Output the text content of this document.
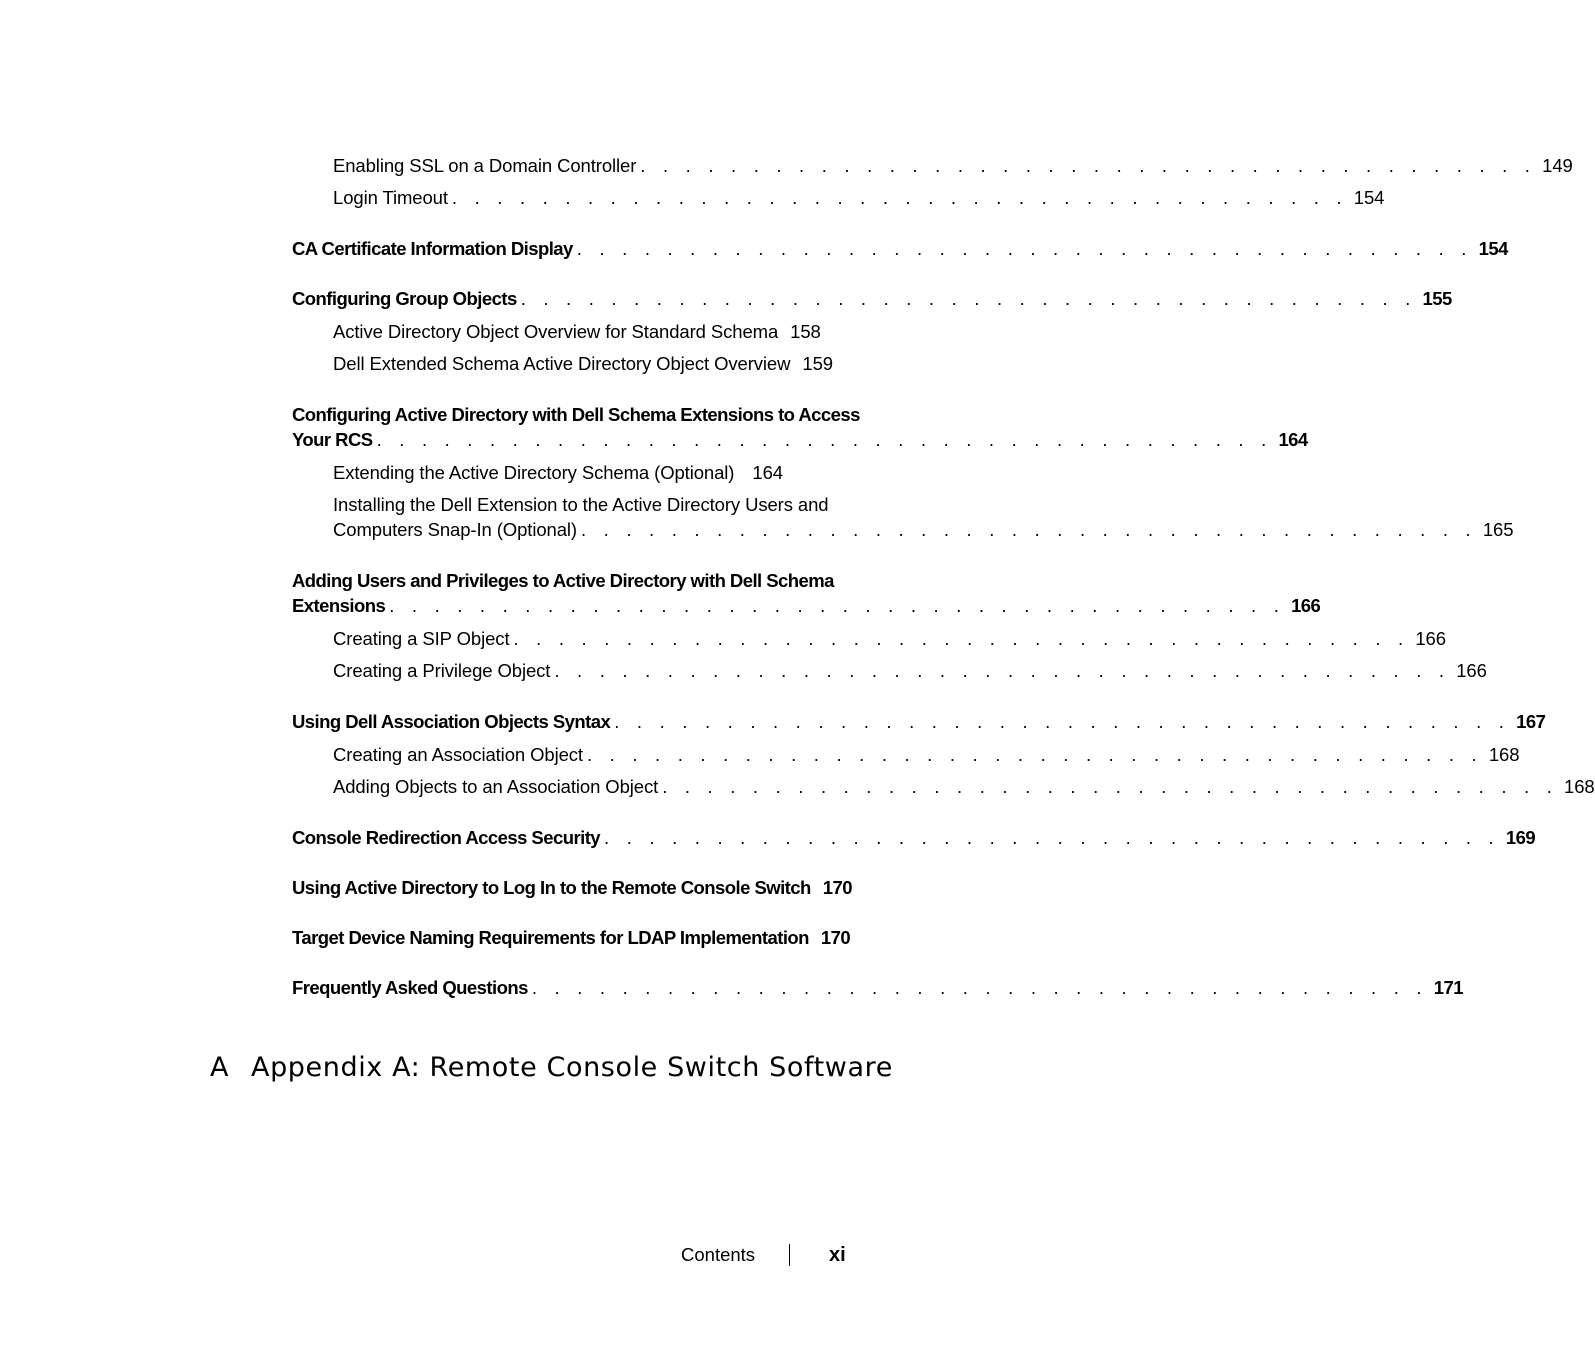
Enabling SSL on a Domain Controller . . . . . . . . . . . . . . . . . . . . . . . . . . . . . . . . . . . . . . . . 149
Login Timeout . . . . . . . . . . . . . . . . . . . . . . . . . . . . . . . . . . . . . . . . 154
CA Certificate Information Display . . . . . . . . . . . . . . . . . . . . . . . . . . . . . . . . . . . . . . . . 154
Configuring Group Objects . . . . . . . . . . . . . . . . . . . . . . . . . . . . . . . . . . . . . . . . 155
Active Directory Object Overview for Standard Schema 158
Dell Extended Schema Active Directory Object Overview 159
Configuring Active Directory with Dell Schema Extensions to Access
Your RCS . . . . . . . . . . . . . . . . . . . . . . . . . . . . . . . . . . . . . . . . 164
Extending the Active Directory Schema (Optional) 164
Installing the Dell Extension to the Active Directory Users and
Computers Snap-In (Optional) . . . . . . . . . . . . . . . . . . . . . . . . . . . . . . . . . . . . . . . . 165
Adding Users and Privileges to Active Directory with Dell Schema
Extensions . . . . . . . . . . . . . . . . . . . . . . . . . . . . . . . . . . . . . . . . 166
Creating a SIP Object . . . . . . . . . . . . . . . . . . . . . . . . . . . . . . . . . . . . . . . . 166
Creating a Privilege Object . . . . . . . . . . . . . . . . . . . . . . . . . . . . . . . . . . . . . . . . 166
Using Dell Association Objects Syntax . . . . . . . . . . . . . . . . . . . . . . . . . . . . . . . . . . . . . . . . 167
Creating an Association Object . . . . . . . . . . . . . . . . . . . . . . . . . . . . . . . . . . . . . . . . 168
Adding Objects to an Association Object . . . . . . . . . . . . . . . . . . . . . . . . . . . . . . . . . . . . . . . . 168
Console Redirection Access Security . . . . . . . . . . . . . . . . . . . . . . . . . . . . . . . . . . . . . . . . 169
Using Active Directory to Log In to the Remote Console Switch 170
Target Device Naming Requirements for LDAP Implementation 170
Frequently Asked Questions . . . . . . . . . . . . . . . . . . . . . . . . . . . . . . . . . . . . . . . . 171
A Appendix A: Remote Console Switch Software
Contents	xi
